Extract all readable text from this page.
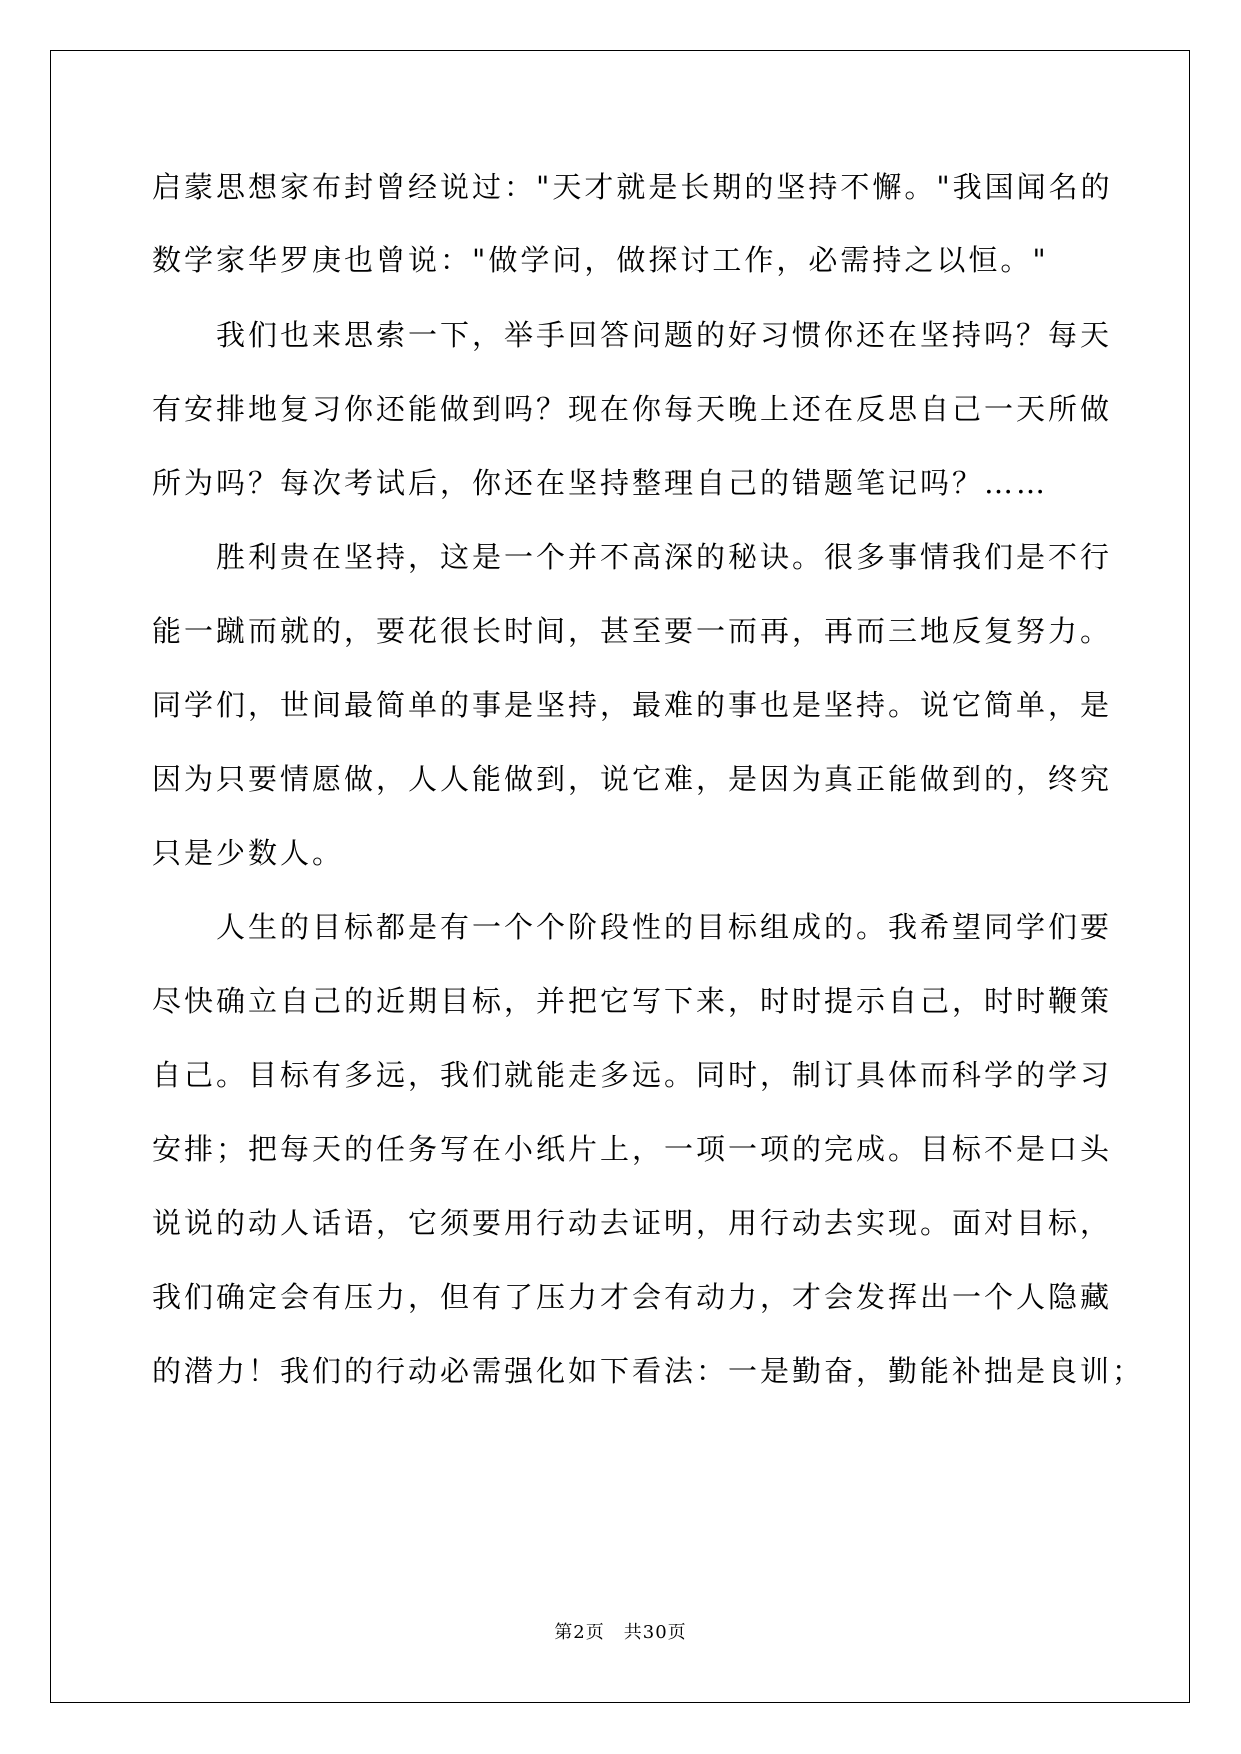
启蒙思想家布封曾经说过："天才就是长期的坚持不懈。"我国闻名的
数学家华罗庚也曾说："做学问，做探讨工作，必需持之以恒。"
我们也来思索一下，举手回答问题的好习惯你还在坚持吗？每天
有安排地复习你还能做到吗？现在你每天晚上还在反思自己一天所做
所为吗？每次考试后，你还在坚持整理自己的错题笔记吗？……
胜利贵在坚持，这是一个并不高深的秘诀。很多事情我们是不行
能一蹴而就的，要花很长时间，甚至要一而再，再而三地反复努力。
同学们，世间最简单的事是坚持，最难的事也是坚持。说它简单，是
因为只要情愿做，人人能做到，说它难，是因为真正能做到的，终究
只是少数人。
人生的目标都是有一个个阶段性的目标组成的。我希望同学们要
尽快确立自己的近期目标，并把它写下来，时时提示自己，时时鞭策
自己。目标有多远，我们就能走多远。同时，制订具体而科学的学习
安排；把每天的任务写在小纸片上，一项一项的完成。目标不是口头
说说的动人话语，它须要用行动去证明，用行动去实现。面对目标，
我们确定会有压力，但有了压力才会有动力，才会发挥出一个人隐藏
的潜力！我们的行动必需强化如下看法：一是勤奋，勤能补拙是良训；
第2页　共30页
